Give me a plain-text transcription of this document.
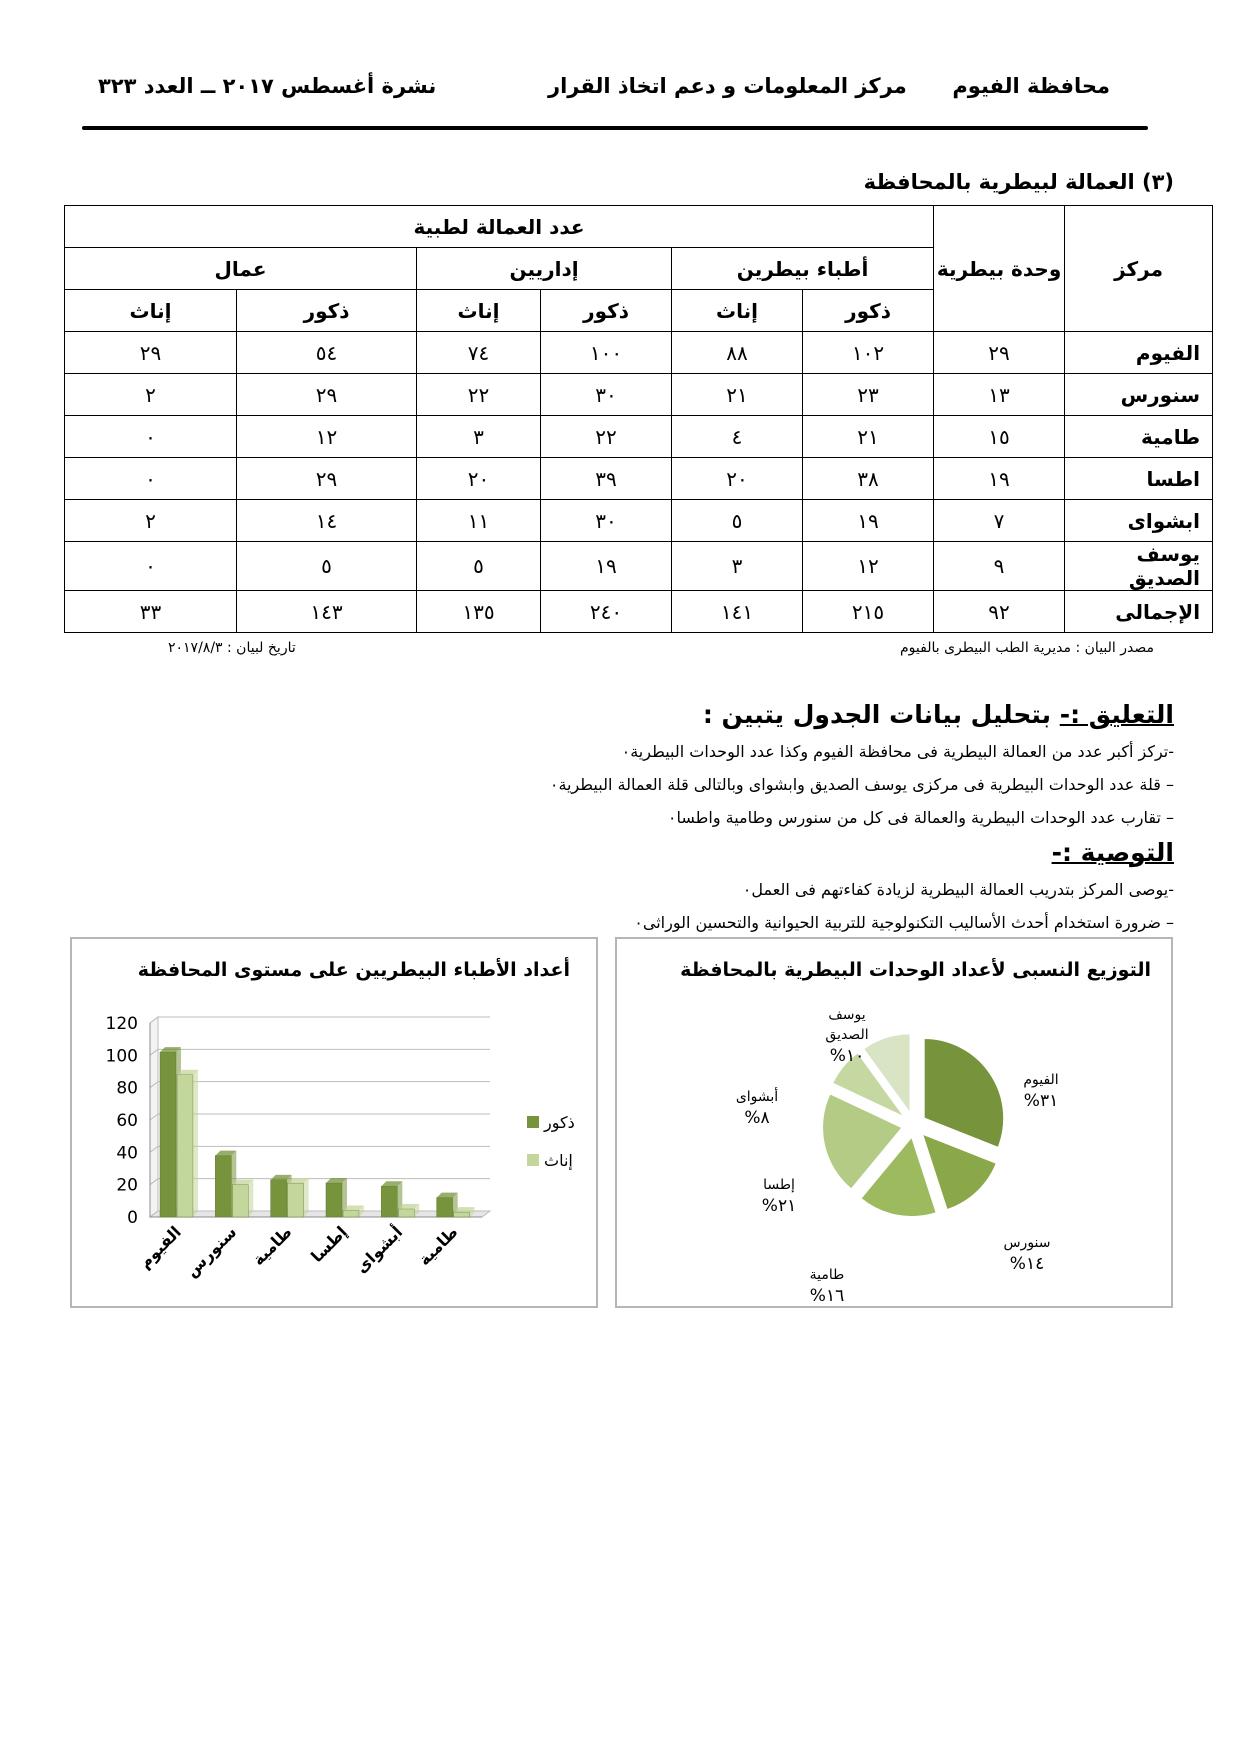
محافظة الفيوم
مركز المعلومات و دعم اتخاذ القرار
نشرة أغسطس ٢٠١٧ ــ العدد ٣٢٣
(٣) العمالة لبيطرية بالمحافظة
مركز	وحدة بيطرية	عدد العمالة لطبية					
		أطباء بيطرين		إداريين		عمال	
		ذكور	إناث	ذكور	إناث	ذكور	إناث
الفيوم	٢٩	١٠٢	٨٨	١٠٠	٧٤	٥٤	٢٩
سنورس	١٣	٢٣	٢١	٣٠	٢٢	٢٩	٢
طامية	١٥	٢١	٤	٢٢	٣	١٢	٠
اطسا	١٩	٣٨	٢٠	٣٩	٢٠	٢٩	٠
ابشواى	٧	١٩	٥	٣٠	١١	١٤	٢
يوسف الصديق	٩	١٢	٣	١٩	٥	٥	٠
الإجمالى	٩٢	٢١٥	١٤١	٢٤٠	١٣٥	١٤٣	٣٣
مصدر البيان : مديرية الطب البيطرى بالفيوم
تاريخ لبيان : ٢٠١٧/٨/٣
التعليق :- بتحليل بيانات الجدول يتبين :
-تركز أكبر عدد من العمالة البيطرية فى محافظة الفيوم وكذا عدد الوحدات البيطرية٠
– قلة عدد الوحدات البيطرية فى مركزى يوسف الصديق وابشواى وبالتالى قلة العمالة البيطرية٠
– تقارب عدد الوحدات البيطرية والعمالة فى كل من سنورس وطامية واطسا٠
التوصية :-
-يوصى المركز بتدريب العمالة البيطرية لزيادة كفاءتهم فى العمل٠
– ضرورة استخدام أحدث الأساليب التكنولوجية للتربية الحيوانية والتحسين الوراثى٠
أعداد الأطباء البيطريين على مستوى المحافظة
0
20
40
60
80
100
120
الفيوم
سنورس طامية إطسا أبشواى طامية
ذكور
إناث
التوزيع النسبى لأعداد الوحدات البيطرية بالمحافظة
الفيوم
%٣١
سنورس
%١٤
طامية
%١٦
إطسا
%٢١
أبشواى
%٨
يوسف
الصديق
%١٠
